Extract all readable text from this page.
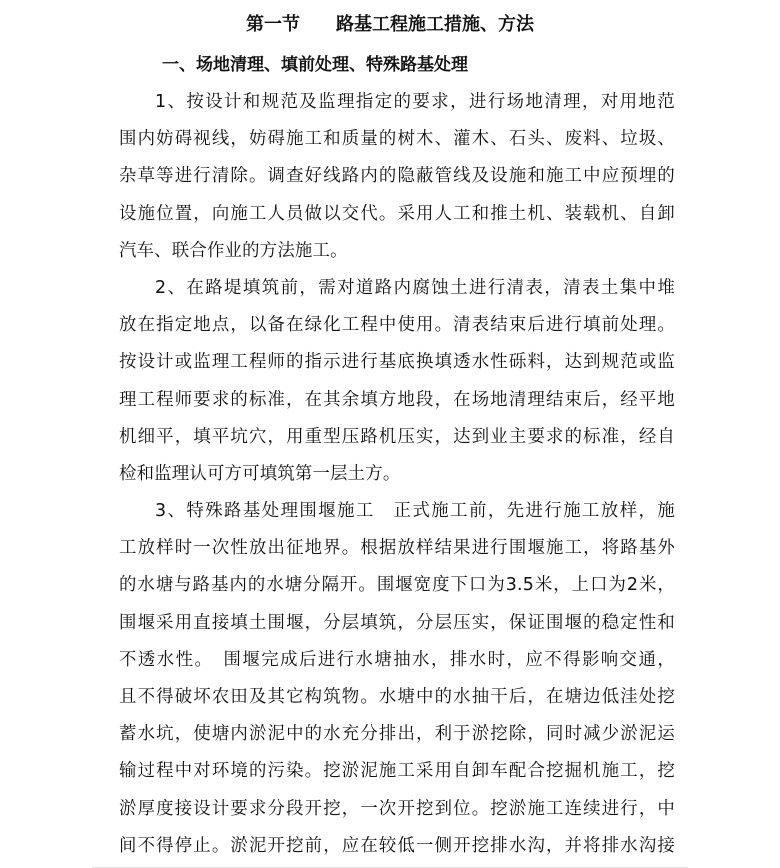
第一节　　路基工程施工措施、方法
一、场地清理、填前处理、特殊路基处理
1、按设计和规范及监理指定的要求，进行场地清理，对用地范
围内妨碍视线，妨碍施工和质量的树木、灌木、石头、废料、垃圾、
杂草等进行清除。调查好线路内的隐蔽管线及设施和施工中应预埋的
设施位置，向施工人员做以交代。采用人工和推土机、装载机、自卸
汽车、联合作业的方法施工。
2、在路堤填筑前，需对道路内腐蚀土进行清表，清表土集中堆
放在指定地点，以备在绿化工程中使用。清表结束后进行填前处理。
按设计或监理工程师的指示进行基底换填透水性砾料，达到规范或监
理工程师要求的标准，在其余填方地段，在场地清理结束后，经平地
机细平，填平坑穴，用重型压路机压实，达到业主要求的标准，经自
检和监理认可方可填筑第一层土方。
3、特殊路基处理围堰施工　正式施工前，先进行施工放样，施
工放样时一次性放出征地界。根据放样结果进行围堰施工，将路基外
的水塘与路基内的水塘分隔开。围堰宽度下口为3.5米，上口为2米，
围堰采用直接填土围堰，分层填筑，分层压实，保证围堰的稳定性和
不透水性。　围堰完成后进行水塘抽水，排水时，应不得影响交通，
且不得破坏农田及其它构筑物。水塘中的水抽干后，在塘边低洼处挖
蓄水坑，使塘内淤泥中的水充分排出，利于淤挖除，同时减少淤泥运
输过程中对环境的污染。挖淤泥施工采用自卸车配合挖掘机施工，挖
淤厚度接设计要求分段开挖，一次开挖到位。挖淤施工连续进行，中
间不得停止。淤泥开挖前，应在较低一侧开挖排水沟，并将排水沟接
